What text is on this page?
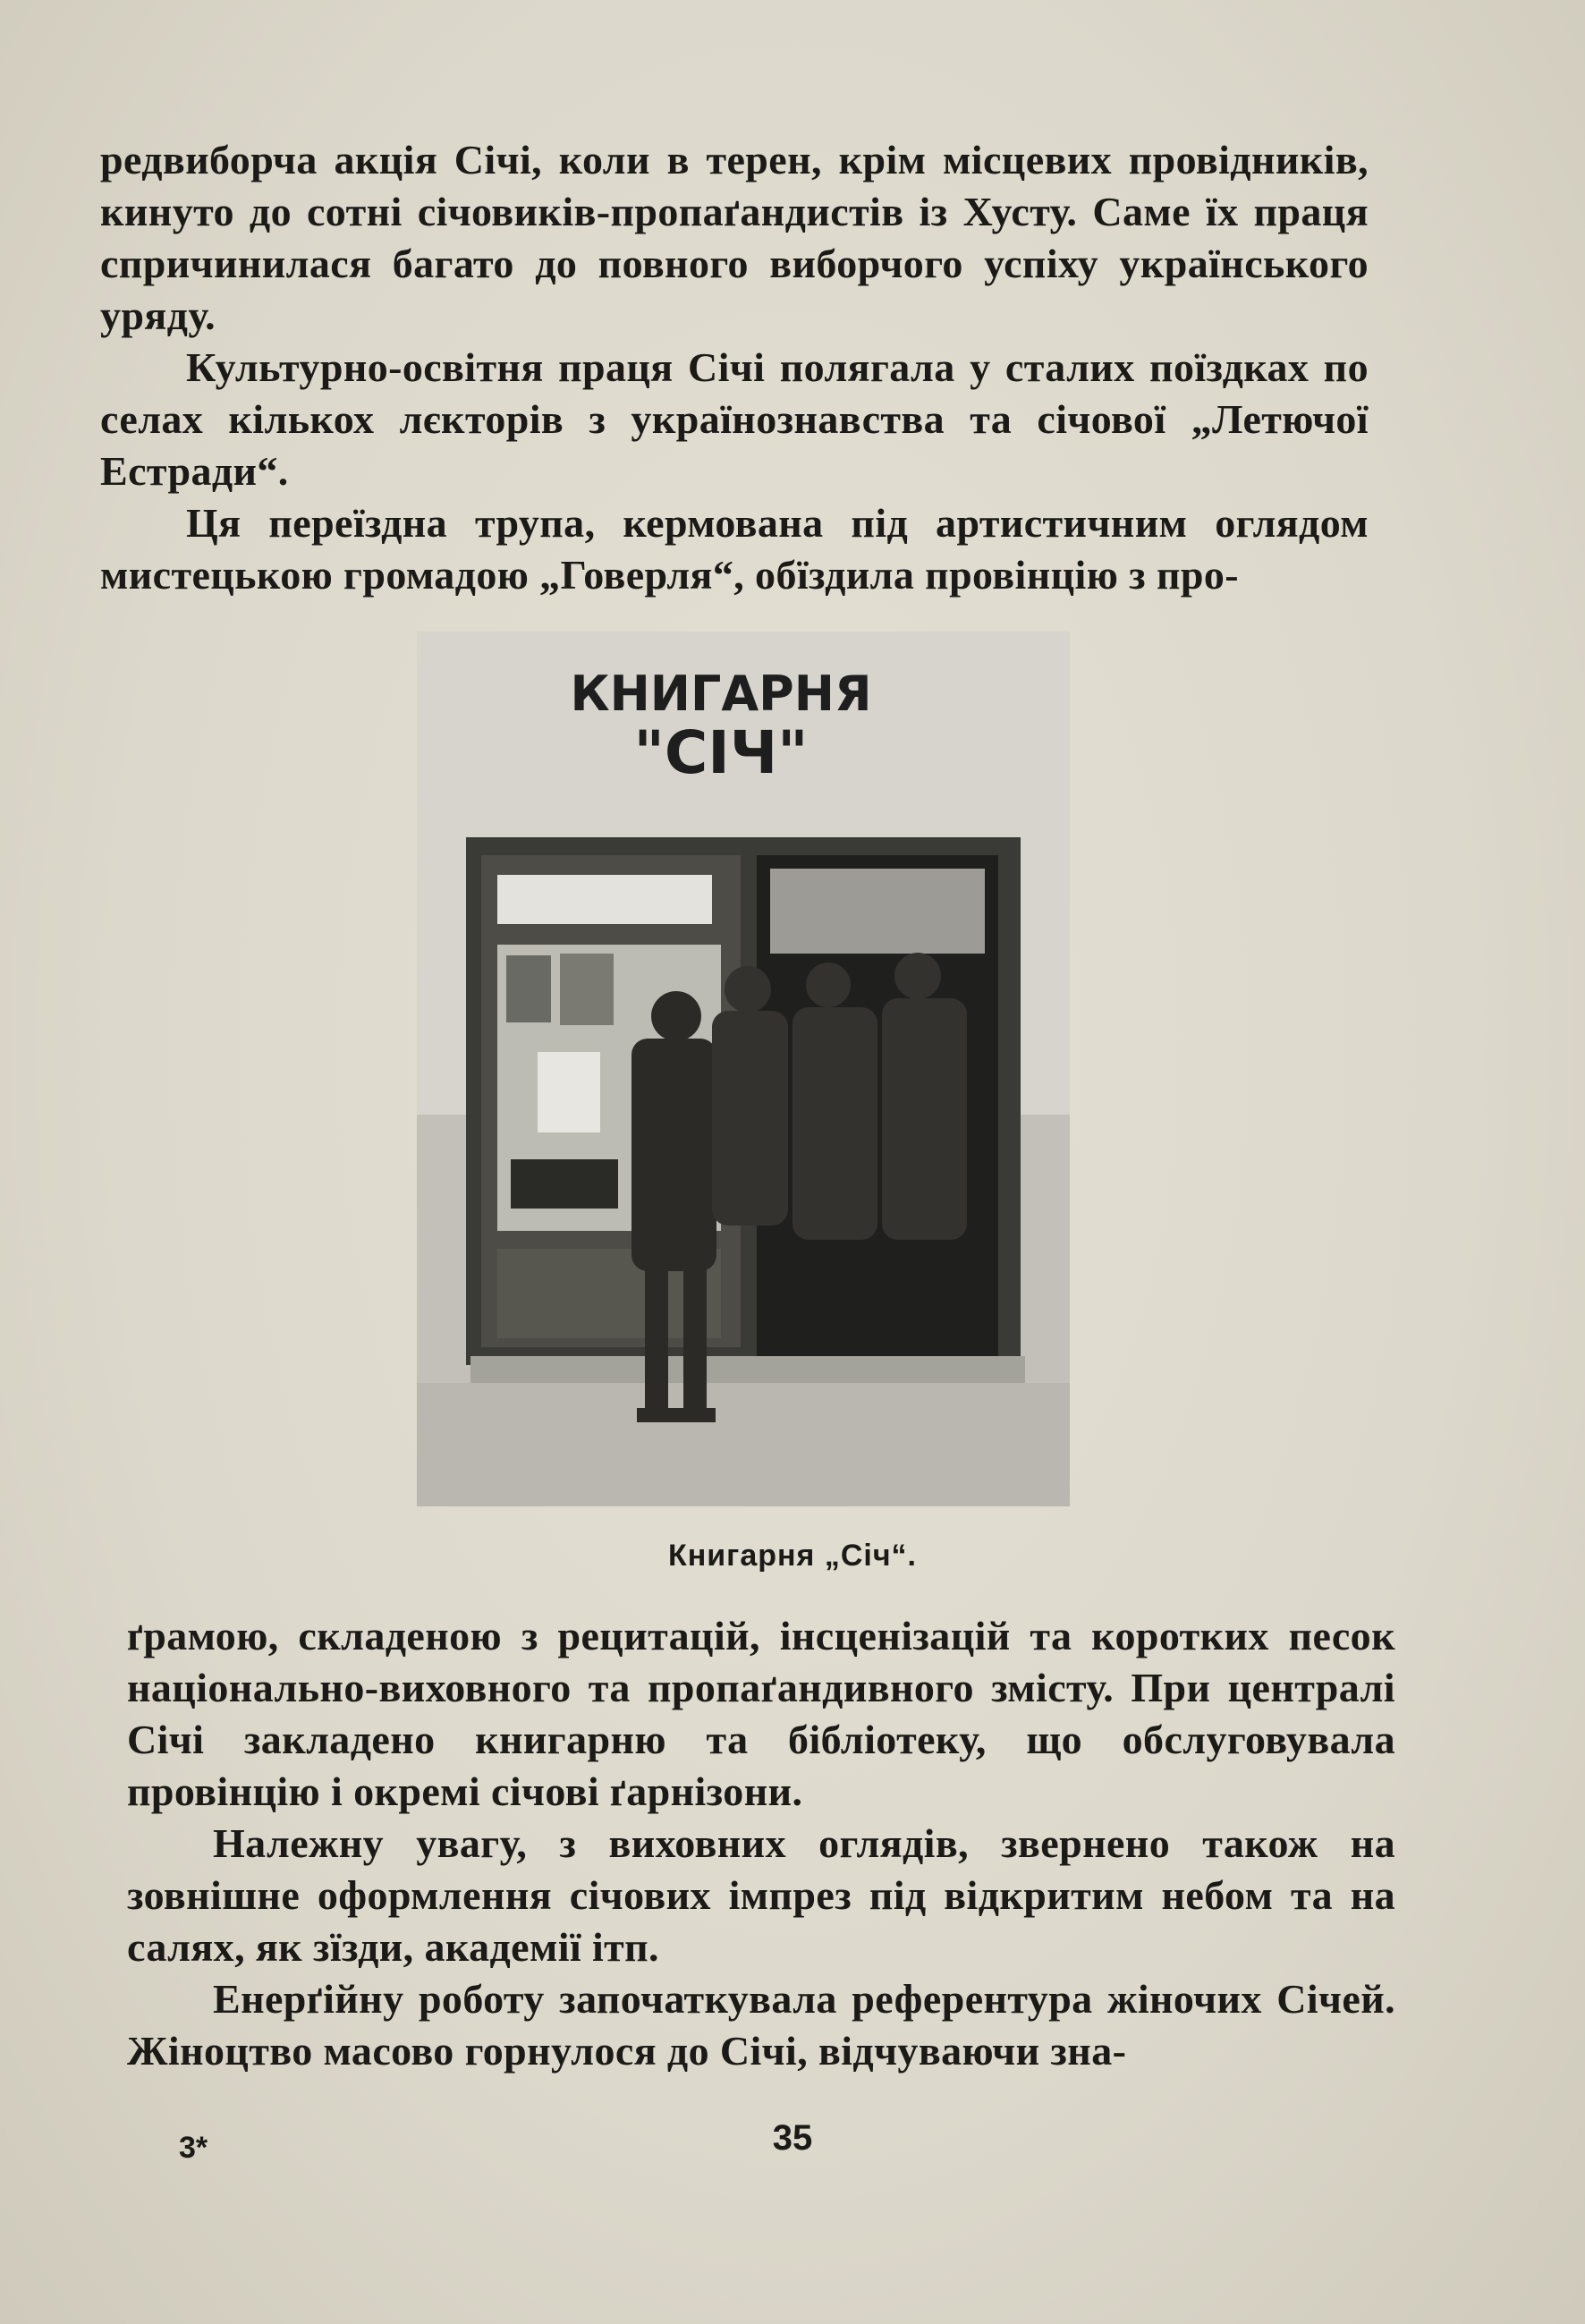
редвиборча акція Січі, коли в терен, крім місцевих провідників, кинуто до сотні січовиків-пропаґандистів із Хусту. Саме їх праця спричинилася багато до повного виборчого успіху українського уряду.

Культурно-освітня праця Січі полягала у сталих поїздках по селах кількох лєкторів з українознавства та січової „Летючої Естради“.

Ця переїздна трупа, кермована під артистичним оглядом мистецькою громадою „Говерля“, обїздила провінцію з про-

КНИГАРНЯ
"СІЧ"
Книгарня „Січ“.

ґрамою, складеною з рецитацій, інсценізацій та коротких песок національно-виховного та пропаґандивного змісту. При централі Січі закладено книгарню та бібліотеку, що обслуговувала провінцію і окремі січові ґарнізони.

Належну увагу, з виховних оглядів, звернено також на зовнішне оформлення січових імпрез під відкритим небом та на салях, як зїзди, академії ітп.

Енерґійну роботу започаткувала референтура жіночих Січей. Жіноцтво масово горнулося до Січі, відчуваючи зна-

3*	35
